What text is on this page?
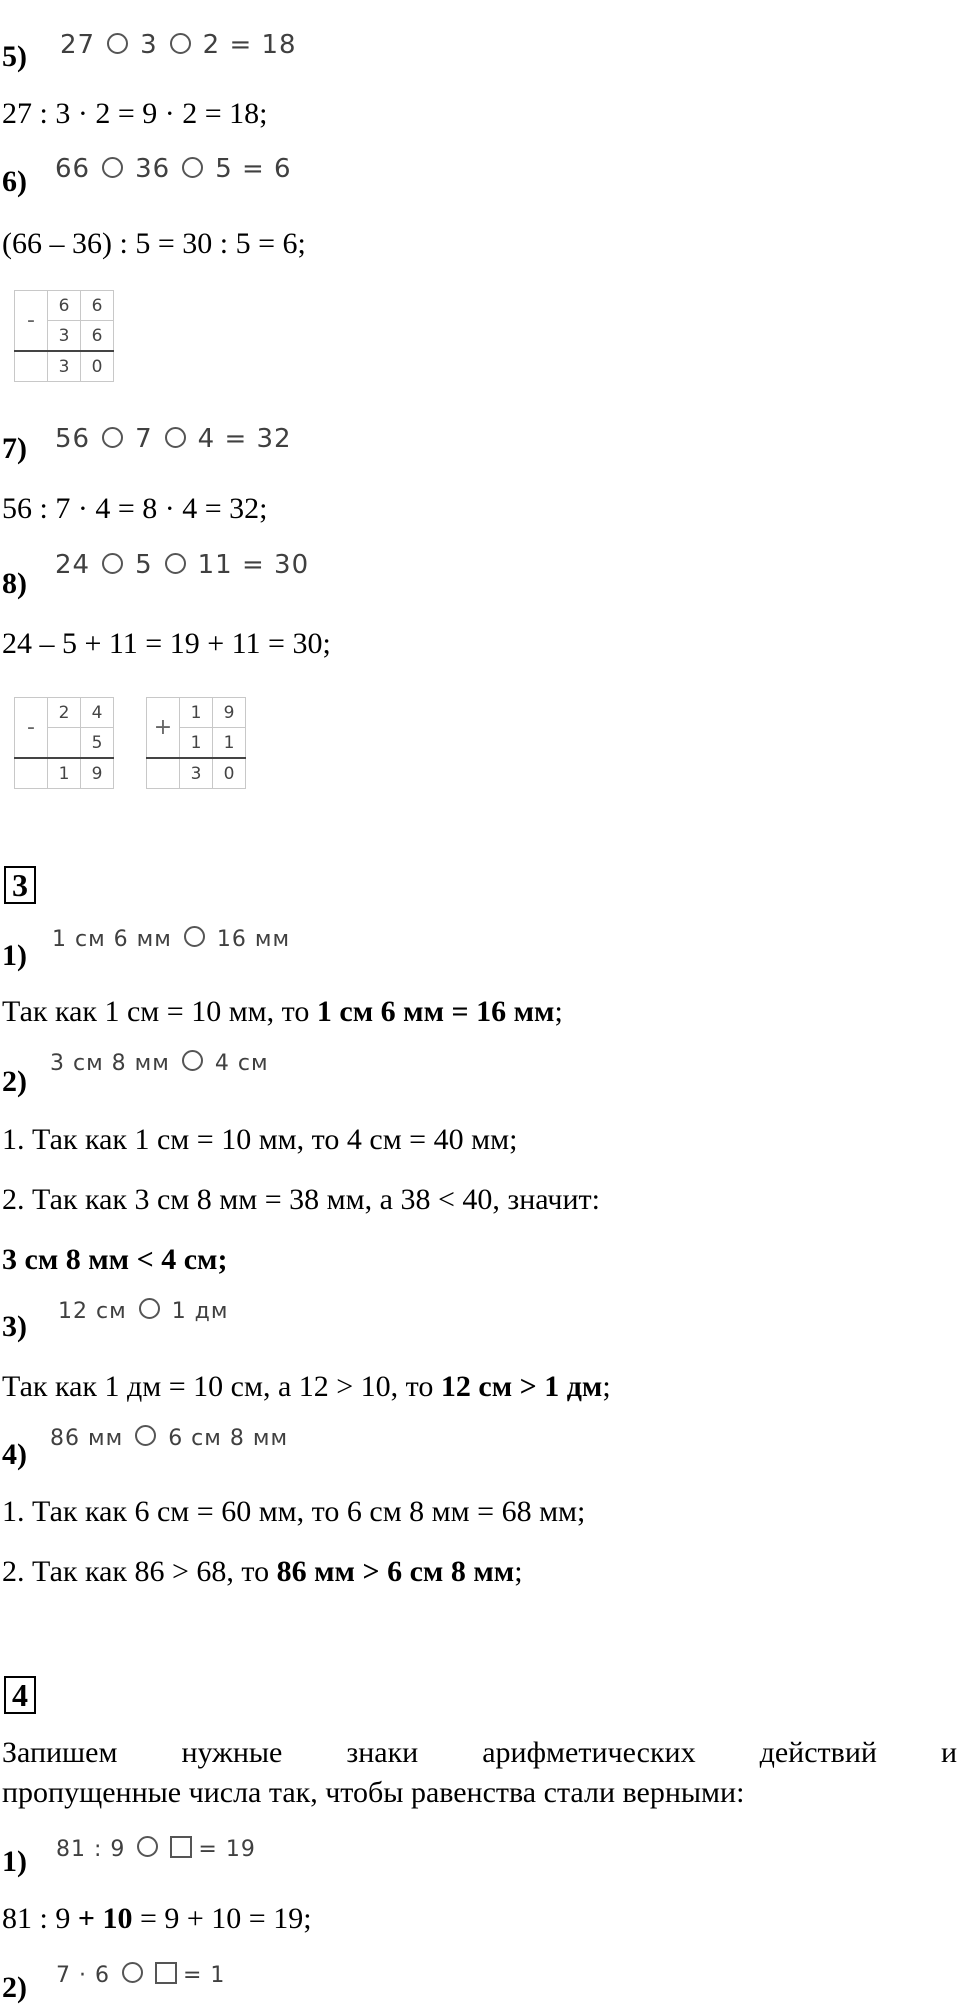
5) 27 3 2 = 18
27 : 3 · 2 = 9 · 2 = 18;
6) 66 36 5 = 6
(66 – 36) : 5 = 30 : 5 = 6;
-	6	6
	3	6
	3	0
7) 56 7 4 = 32
56 : 7 · 4 = 8 · 4 = 32;
8)
24 5 11 = 30
24 – 5 + 11 = 19 + 11 = 30;
-	2	4
		5
	1	9
+	1	9
	1	1
	3	0
3
1) 1 см 6 мм 16 мм
Так как 1 см = 10 мм, то 1 см 6 мм = 16 мм;
2)
3 см 8 мм 4 см
1. Так как 1 см = 10 мм, то 4 см = 40 мм;
2. Так как 3 см 8 мм = 38 мм, а 38 < 40, значит:
3 см 8 мм < 4 см;
3) 12 см 1 дм
Так как 1 дм = 10 см, а 12 > 10, то 12 см > 1 дм;
4) 86 мм 6 см 8 мм
1. Так как 6 см = 60 мм, то 6 см 8 мм = 68 мм;
2. Так как 86 > 68, то 86 мм > 6 см 8 мм;
4
Запишем нужные знаки арифметических действий и
пропущенные числа так, чтобы равенства стали верными:
1) 81 : 9	= 19
81 : 9 + 10 = 9 + 10 = 19;
2) 7 · 6	= 1
